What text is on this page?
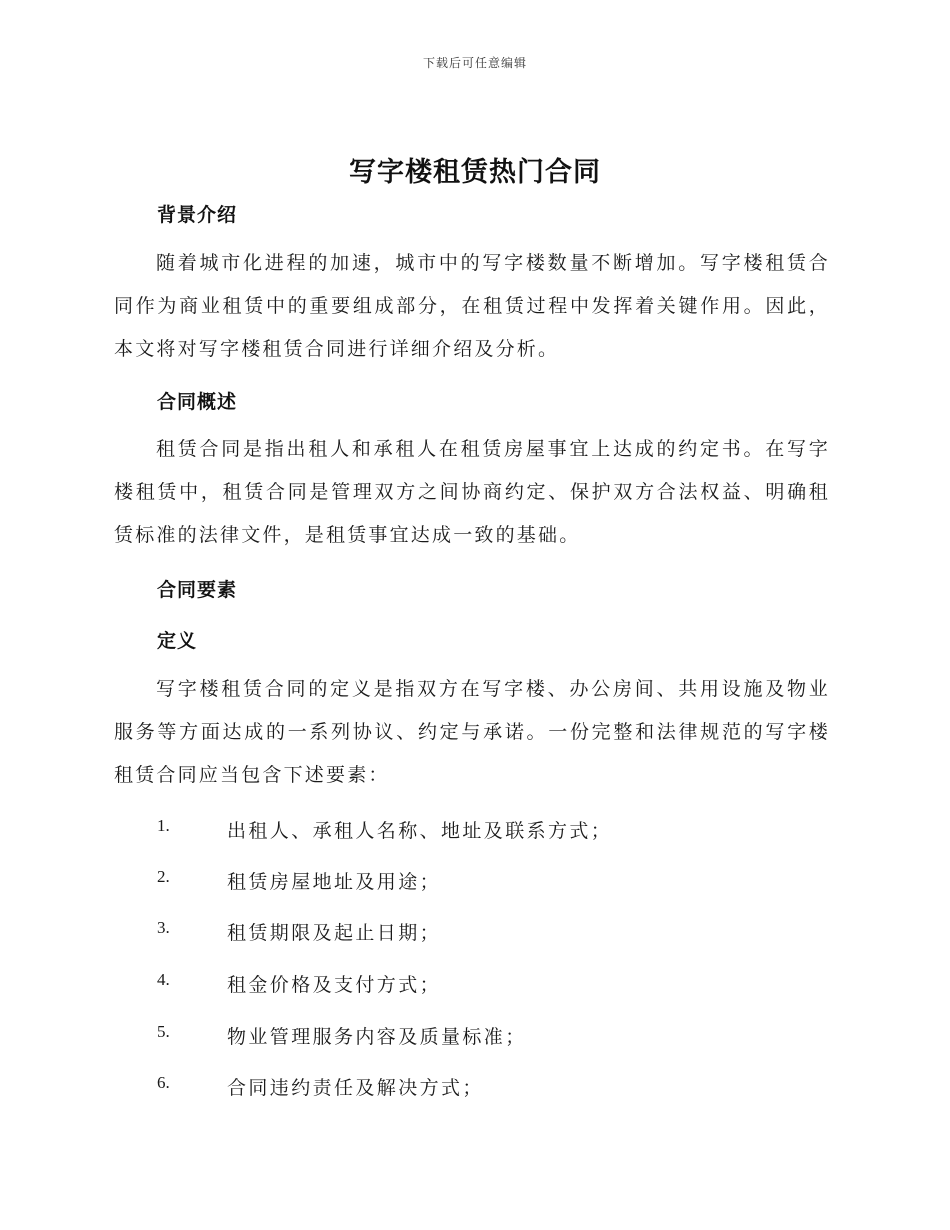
下载后可任意编辑
写字楼租赁热门合同
背景介绍
随着城市化进程的加速，城市中的写字楼数量不断增加。写字楼租赁合同作为商业租赁中的重要组成部分，在租赁过程中发挥着关键作用。因此，本文将对写字楼租赁合同进行详细介绍及分析。
合同概述
租赁合同是指出租人和承租人在租赁房屋事宜上达成的约定书。在写字楼租赁中，租赁合同是管理双方之间协商约定、保护双方合法权益、明确租赁标准的法律文件，是租赁事宜达成一致的基础。
合同要素
定义
写字楼租赁合同的定义是指双方在写字楼、办公房间、共用设施及物业服务等方面达成的一系列协议、约定与承诺。一份完整和法律规范的写字楼租赁合同应当包含下述要素：
1.	出租人、承租人名称、地址及联系方式；
2.	租赁房屋地址及用途；
3.	租赁期限及起止日期；
4.	租金价格及支付方式；
5.	物业管理服务内容及质量标准；
6.	合同违约责任及解决方式；
